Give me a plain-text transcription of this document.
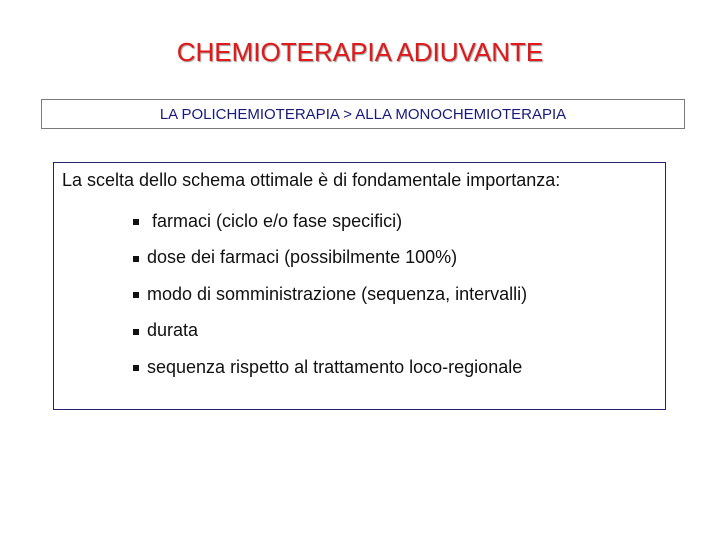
CHEMIOTERAPIA ADIUVANTE
LA POLICHEMIOTERAPIA > ALLA MONOCHEMIOTERAPIA
La scelta dello schema ottimale è di fondamentale importanza:
farmaci (ciclo e/o fase specifici)
dose dei farmaci (possibilmente 100%)
modo di somministrazione (sequenza, intervalli)
durata
sequenza rispetto al trattamento loco-regionale
